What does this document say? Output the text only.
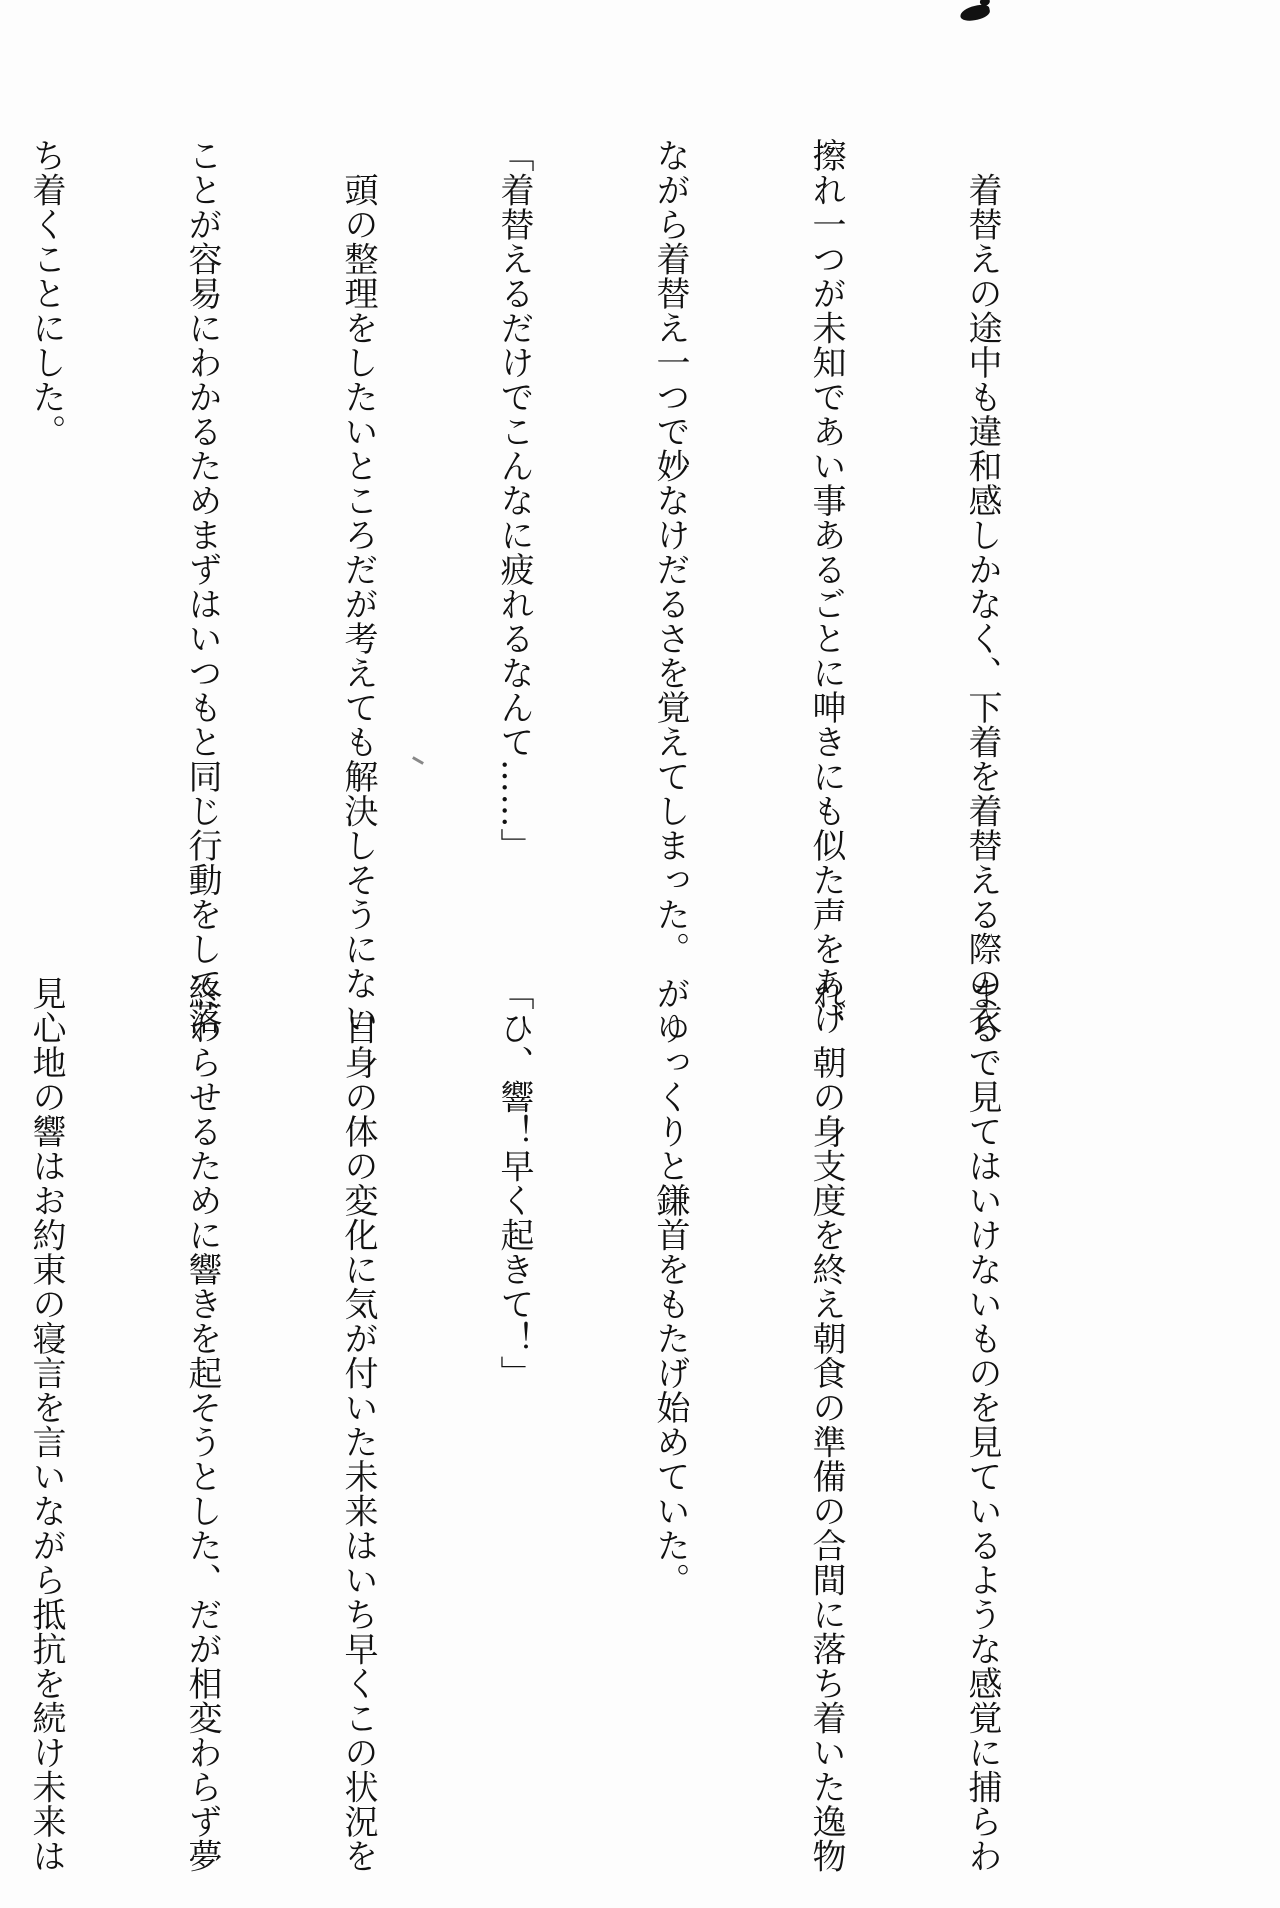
　着替えの途中も違和感しかなく、下着を着替える際の衣

擦れ一つが未知であい事あるごとに呻きにも似た声をあげ

ながら着替え一つで妙なけだるさを覚えてしまった。

「着替えるだけでこんなに疲れるなんて……」

　頭の整理をしたいところだが考えても解決しそうにない

ことが容易にわかるためまずはいつもと同じ行動をして落

ち着くことにした。

まるで見てはいけないものを見ているような感覚に捕らわ

れ、朝の身支度を終え朝食の準備の合間に落ち着いた逸物

がゆっくりと鎌首をもたげ始めていた。

「ひ、響！早く起きて！」

　自身の体の変化に気が付いた未来はいち早くこの状況を

終わらせるために響きを起そうとした、だが相変わらず夢

見心地の響はお約束の寝言を言いながら抵抗を続け未来は
